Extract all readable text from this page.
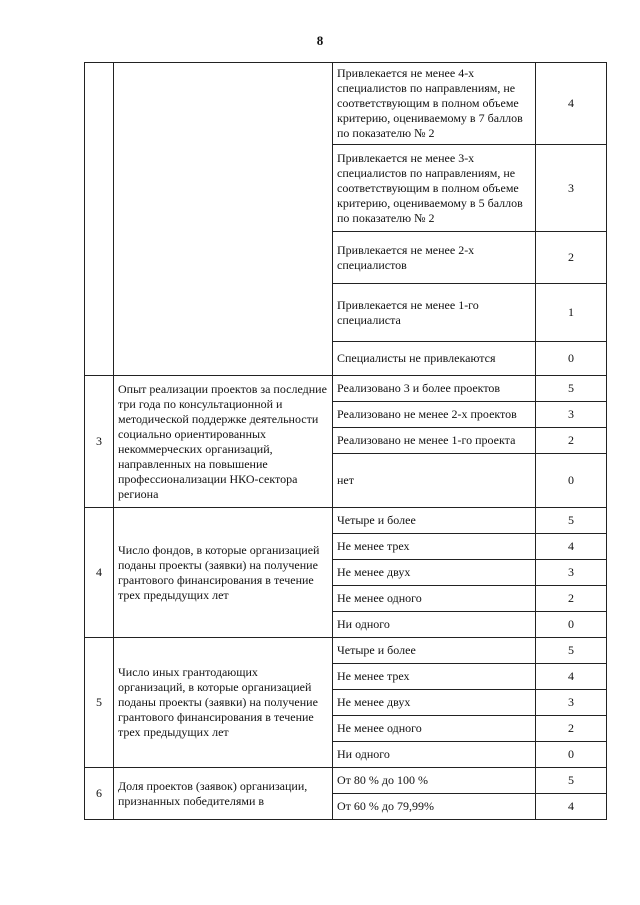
8
		Привлекается не менее 4-х специалистов по направлениям, не соответствующим в полном объеме критерию, оцениваемому в 7 баллов по показателю № 2	4
		Привлекается не менее 3-х специалистов по направлениям, не соответствующим в полном объеме критерию, оцениваемому в 5 баллов по показателю № 2	3
		Привлекается не менее 2-х специалистов	2
		Привлекается не менее 1-го специалиста	1
		Специалисты не привлекаются	0
3	Опыт реализации проектов за последние три года по консультационной и методической поддержке деятельности социально ориентированных некоммерческих организаций, направленных на повышение профессионализации НКО-сектора региона	Реализовано 3 и более проектов	5
		Реализовано не менее 2-х проектов	3
		Реализовано не менее 1-го проекта	2
		нет	0
4	Число фондов, в которые организацией поданы проекты (заявки) на получение грантового финансирования в течение трех предыдущих лет	Четыре и более	5
		Не менее трех	4
		Не менее двух	3
		Не менее одного	2
		Ни одного	0
5	Число иных грантодающих организаций, в которые организацией поданы проекты (заявки) на получение грантового финансирования в течение трех предыдущих лет	Четыре и более	5
		Не менее трех	4
		Не менее двух	3
		Не менее одного	2
		Ни одного	0
6	Доля проектов (заявок) организации, признанных победителями в	От 80 % до 100 %	5
		От 60 % до 79,99%	4
